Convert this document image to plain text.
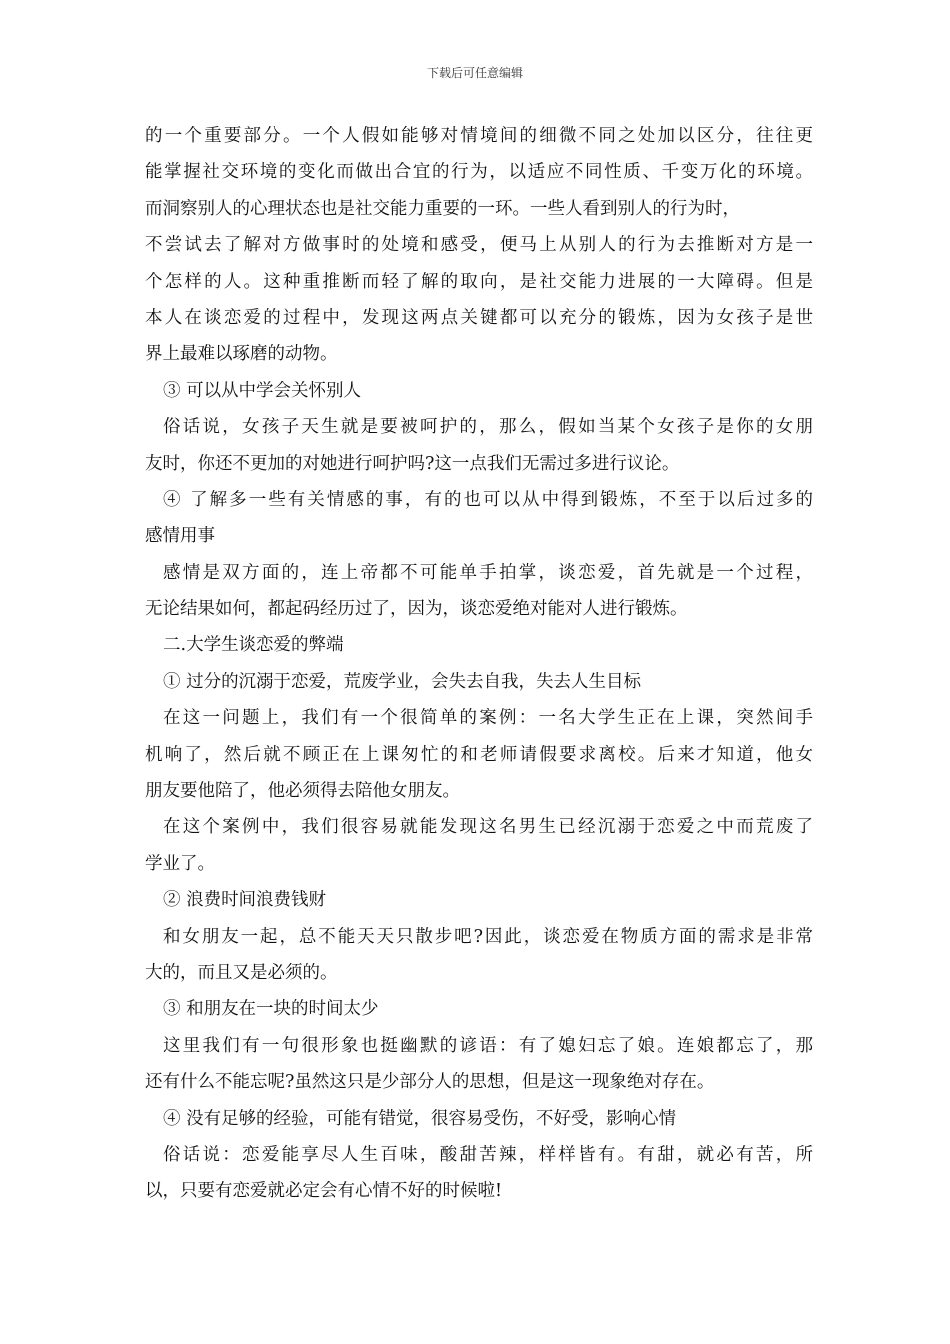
下载后可任意编辑
的一个重要部分。一个人假如能够对情境间的细微不同之处加以区分，往往更
能掌握社交环境的变化而做出合宜的行为，以适应不同性质、千变万化的环境。
而洞察别人的心理状态也是社交能力重要的一环。一些人看到别人的行为时，
不尝试去了解对方做事时的处境和感受，便马上从别人的行为去推断对方是一
个怎样的人。这种重推断而轻了解的取向，是社交能力进展的一大障碍。但是
本人在谈恋爱的过程中，发现这两点关键都可以充分的锻炼，因为女孩子是世
界上最难以琢磨的动物。
③ 可以从中学会关怀别人
俗话说，女孩子天生就是要被呵护的，那么，假如当某个女孩子是你的女朋
友时，你还不更加的对她进行呵护吗?这一点我们无需过多进行议论。
④ 了解多一些有关情感的事，有的也可以从中得到锻炼，不至于以后过多的
感情用事
感情是双方面的，连上帝都不可能单手拍掌，谈恋爱，首先就是一个过程，
无论结果如何，都起码经历过了，因为，谈恋爱绝对能对人进行锻炼。
二.大学生谈恋爱的弊端
① 过分的沉溺于恋爱，荒废学业，会失去自我，失去人生目标
在这一问题上，我们有一个很简单的案例：一名大学生正在上课，突然间手
机响了，然后就不顾正在上课匆忙的和老师请假要求离校。后来才知道，他女
朋友要他陪了，他必须得去陪他女朋友。
在这个案例中，我们很容易就能发现这名男生已经沉溺于恋爱之中而荒废了
学业了。
② 浪费时间浪费钱财
和女朋友一起，总不能天天只散步吧?因此，谈恋爱在物质方面的需求是非常
大的，而且又是必须的。
③ 和朋友在一块的时间太少
这里我们有一句很形象也挺幽默的谚语：有了媳妇忘了娘。连娘都忘了，那
还有什么不能忘呢?虽然这只是少部分人的思想，但是这一现象绝对存在。
④ 没有足够的经验，可能有错觉，很容易受伤，不好受，影响心情
俗话说：恋爱能享尽人生百味，酸甜苦辣，样样皆有。有甜，就必有苦，所
以，只要有恋爱就必定会有心情不好的时候啦!
